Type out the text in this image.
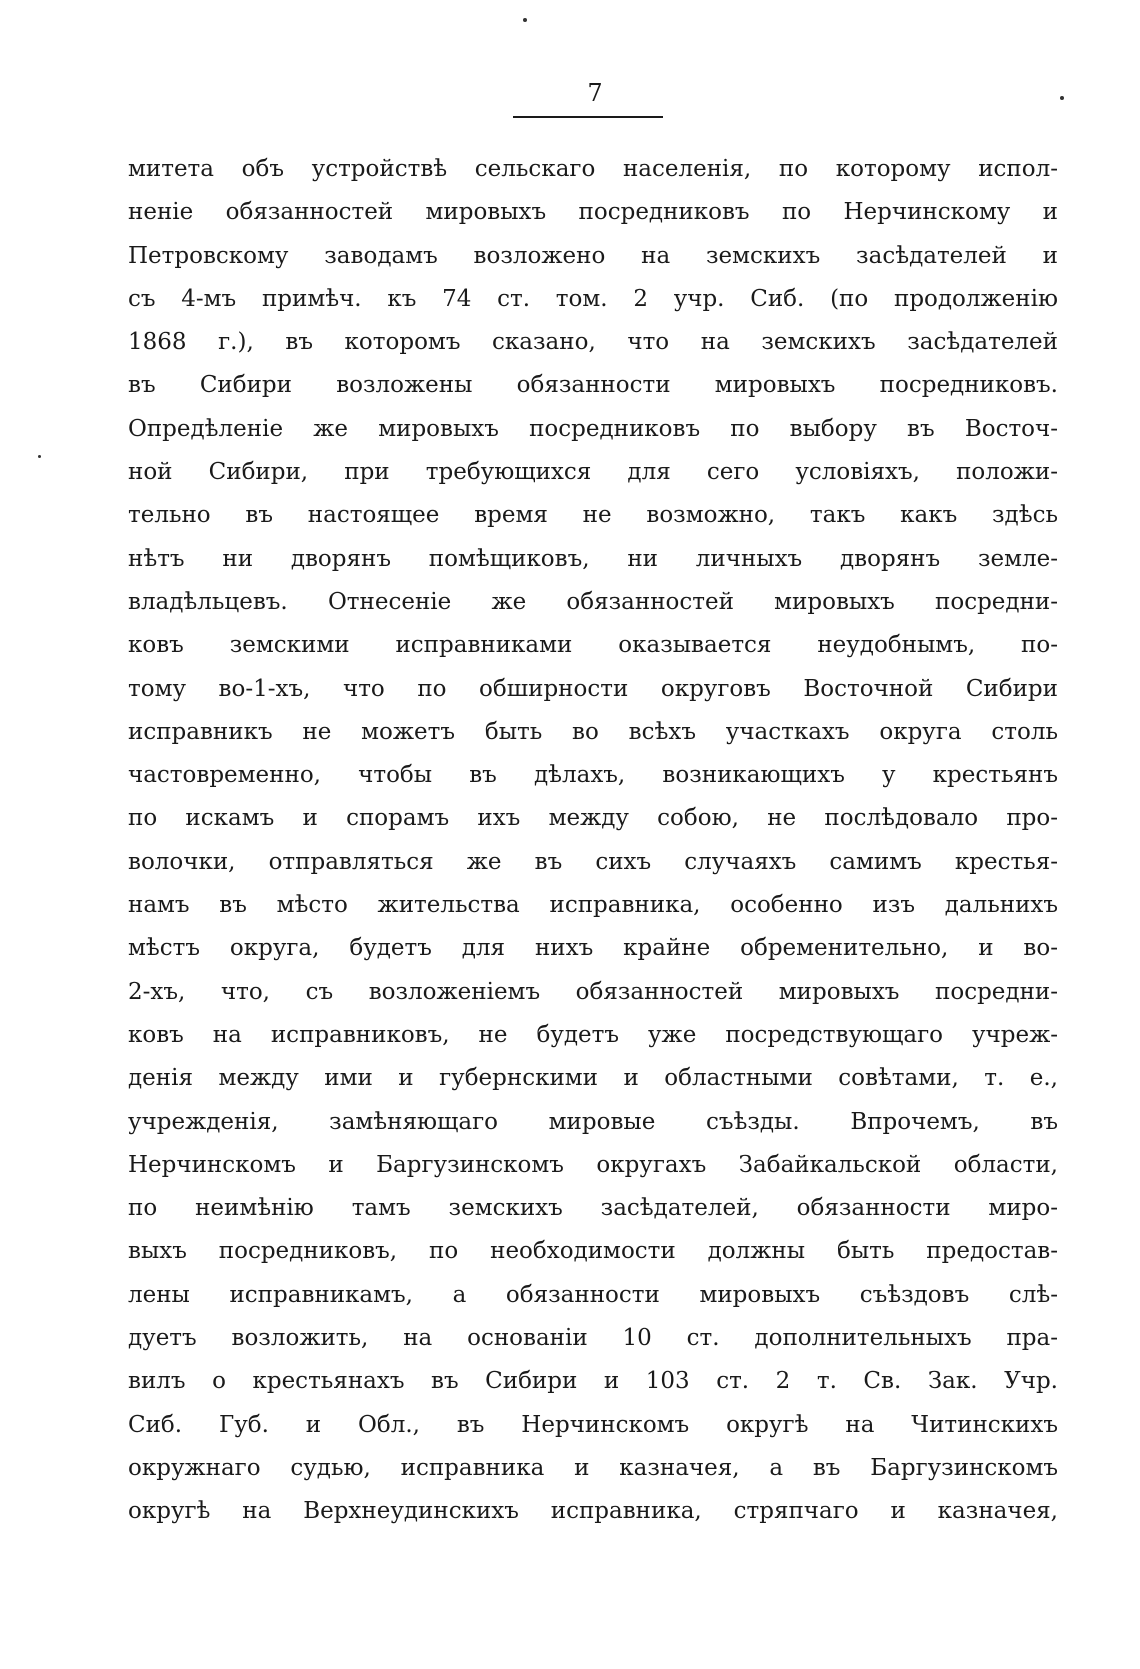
7
митета объ устройствѣ сельскаго населенія, по которому испол-
неніе обязанностей мировыхъ посредниковъ по Нерчинскому и
Петровскому заводамъ возложено на земскихъ засѣдателей и
съ 4-мъ примѣч. къ 74 ст. том. 2 учр. Сиб. (по продолженію
1868 г.), въ которомъ сказано, что на земскихъ засѣдателей
въ Сибири возложены обязанности мировыхъ посредниковъ.
Опредѣленіе же мировыхъ посредниковъ по выбору въ Восточ-
ной Сибири, при требующихся для сего условіяхъ, положи-
тельно въ настоящее время не возможно, такъ какъ здѣсь
нѣтъ ни дворянъ помѣщиковъ, ни личныхъ дворянъ земле-
владѣльцевъ. Отнесеніе же обязанностей мировыхъ посредни-
ковъ земскими исправниками оказывается неудобнымъ, по-
тому во-1-хъ, что по обширности округовъ Восточной Сибири
исправникъ не можетъ быть во всѣхъ участкахъ округа столь
частовременно, чтобы въ дѣлахъ, возникающихъ у крестьянъ
по искамъ и спорамъ ихъ между собою, не послѣдовало про-
волочки, отправляться же въ сихъ случаяхъ самимъ крестья-
намъ въ мѣсто жительства исправника, особенно изъ дальнихъ
мѣстъ округа, будетъ для нихъ крайне обременительно, и во-
2-хъ, что, съ возложеніемъ обязанностей мировыхъ посредни-
ковъ на исправниковъ, не будетъ уже посредствующаго учреж-
денія между ими и губернскими и областными совѣтами, т. е.,
учрежденія, замѣняющаго мировые съѣзды. Впрочемъ, въ
Нерчинскомъ и Баргузинскомъ округахъ Забайкальской области,
по неимѣнію тамъ земскихъ засѣдателей, обязанности миро-
выхъ посредниковъ, по необходимости должны быть предостав-
лены исправникамъ, а обязанности мировыхъ съѣздовъ слѣ-
дуетъ возложить, на основаніи 10 ст. дополнительныхъ пра-
вилъ о крестьянахъ въ Сибири и 103 ст. 2 т. Св. Зак. Учр.
Сиб. Губ. и Обл., въ Нерчинскомъ округѣ на Читинскихъ
окружнаго судью, исправника и казначея, а въ Баргузинскомъ
округѣ на Верхнеудинскихъ исправника, стряпчаго и казначея,
